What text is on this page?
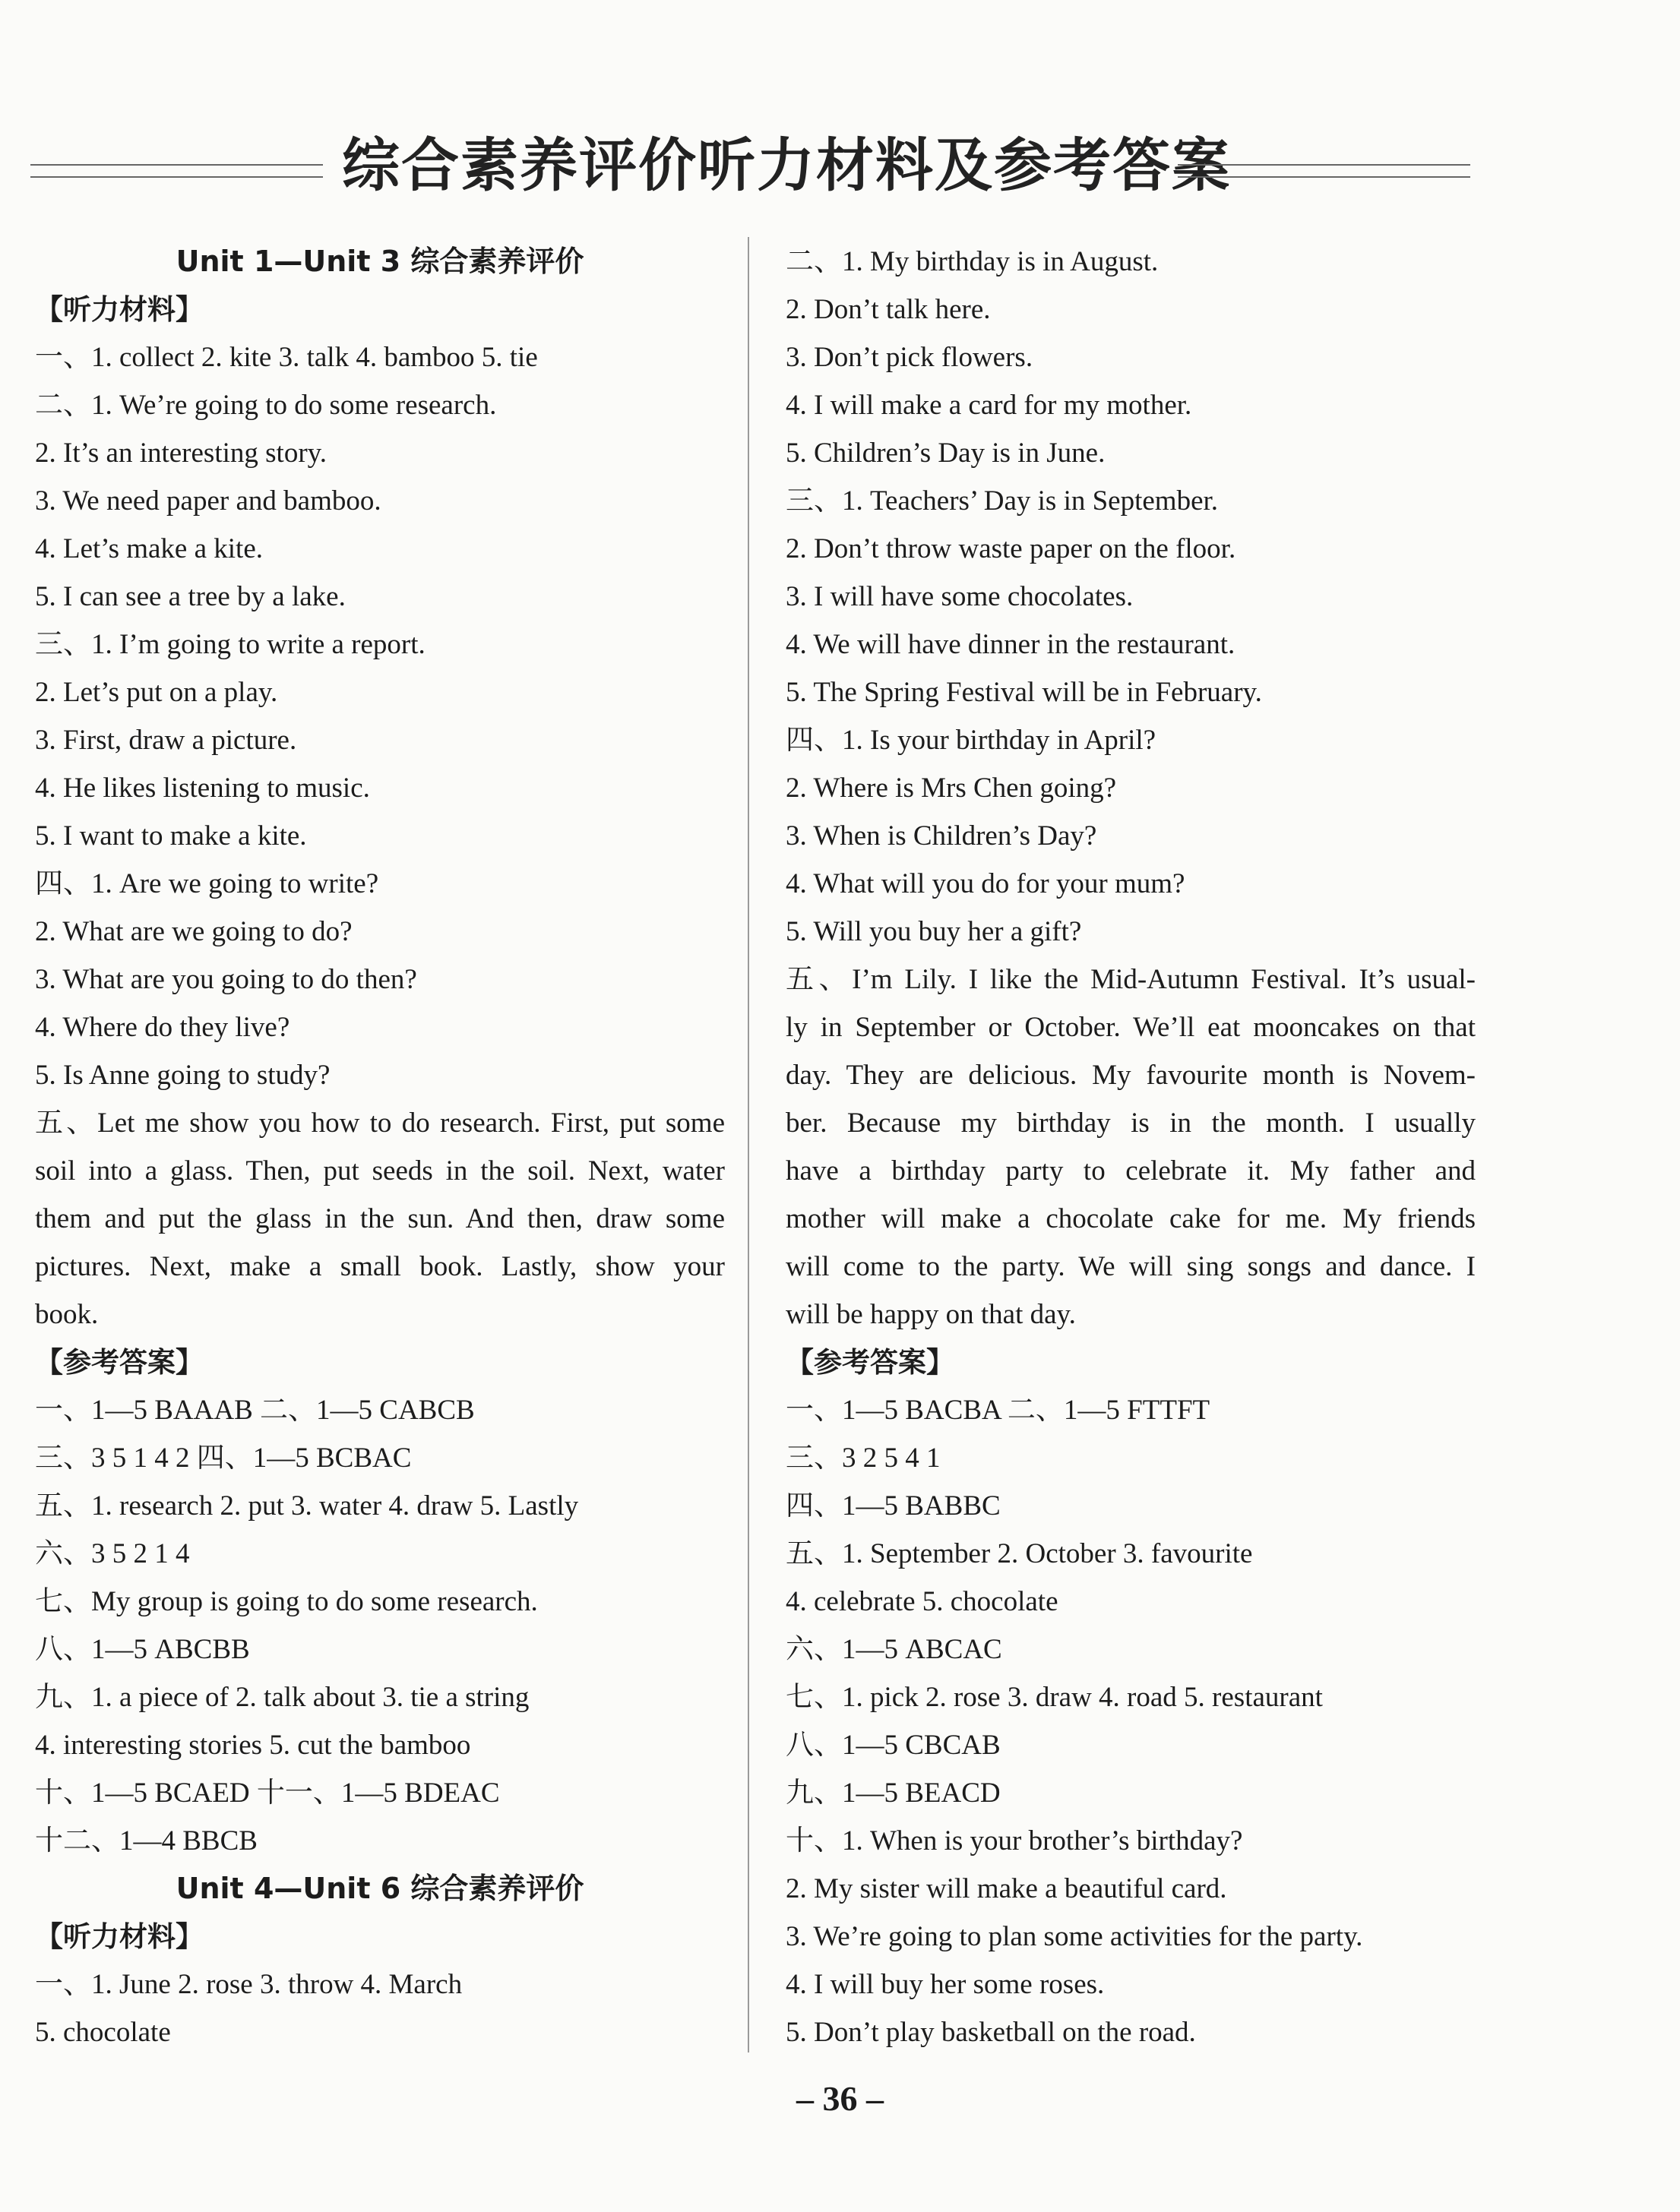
综合素养评价听力材料及参考答案
Unit 1—Unit 3 综合素养评价
【听力材料】
一、1. collect 2. kite 3. talk 4. bamboo 5. tie
二、1. We’re going to do some research.
2. It’s an interesting story.
3. We need paper and bamboo.
4. Let’s make a kite.
5. I can see a tree by a lake.
三、1. I’m going to write a report.
2. Let’s put on a play.
3. First, draw a picture.
4. He likes listening to music.
5. I want to make a kite.
四、1. Are we going to write?
2. What are we going to do?
3. What are you going to do then?
4. Where do they live?
5. Is Anne going to study?
五、Let me show you how to do research. First, put some
soil into a glass. Then, put seeds in the soil. Next, water
them and put the glass in the sun. And then, draw some
pictures. Next, make a small book. Lastly, show your
book.
【参考答案】
一、1—5 BAAAB 二、1—5 CABCB
三、3 5 1 4 2 四、1—5 BCBAC
五、1. research 2. put 3. water 4. draw 5. Lastly
六、3 5 2 1 4
七、My group is going to do some research.
八、1—5 ABCBB
九、1. a piece of 2. talk about 3. tie a string
4. interesting stories 5. cut the bamboo
十、1—5 BCAED 十一、1—5 BDEAC
十二、1—4 BBCB
Unit 4—Unit 6 综合素养评价
【听力材料】
一、1. June 2. rose 3. throw 4. March
5. chocolate
二、1. My birthday is in August.
2. Don’t talk here.
3. Don’t pick flowers.
4. I will make a card for my mother.
5. Children’s Day is in June.
三、1. Teachers’ Day is in September.
2. Don’t throw waste paper on the floor.
3. I will have some chocolates.
4. We will have dinner in the restaurant.
5. The Spring Festival will be in February.
四、1. Is your birthday in April?
2. Where is Mrs Chen going?
3. When is Children’s Day?
4. What will you do for your mum?
5. Will you buy her a gift?
五、I’m Lily. I like the Mid-Autumn Festival. It’s usual-
ly in September or October. We’ll eat mooncakes on that
day. They are delicious. My favourite month is Novem-
ber. Because my birthday is in the month. I usually
have a birthday party to celebrate it. My father and
mother will make a chocolate cake for me. My friends
will come to the party. We will sing songs and dance. I
will be happy on that day.
【参考答案】
一、1—5 BACBA 二、1—5 FTTFT
三、3 2 5 4 1
四、1—5 BABBC
五、1. September 2. October 3. favourite
4. celebrate 5. chocolate
六、1—5 ABCAC
七、1. pick 2. rose 3. draw 4. road 5. restaurant
八、1—5 CBCAB
九、1—5 BEACD
十、1. When is your brother’s birthday?
2. My sister will make a beautiful card.
3. We’re going to plan some activities for the party.
4. I will buy her some roses.
5. Don’t play basketball on the road.
– 36 –
